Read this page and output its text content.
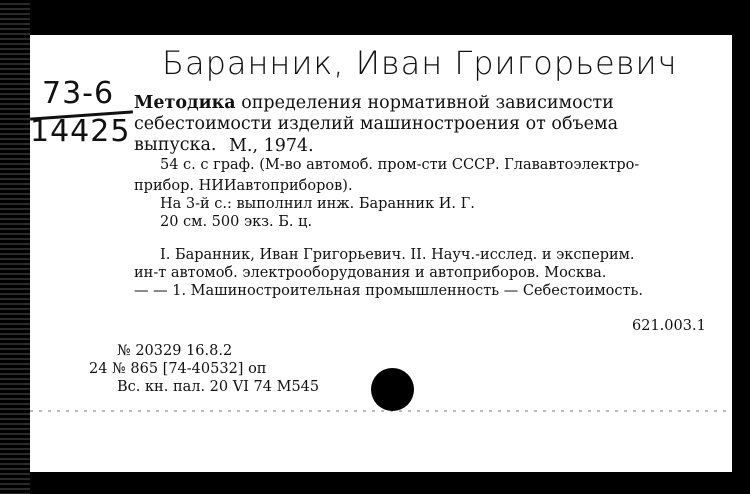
Баранник, Иван Григорьевич
73-6
14425
Методика определения нормативной зависимости себестоимости изделий машиностроения от объема выпуска. М., 1974.
54 с. с граф. (М-во автомоб. пром-сти СССР. Глававтоэлектро-
прибор. НИИавтоприборов).
На 3-й с.: выполнил инж. Баранник И. Г.
20 см. 500 экз. Б. ц.
I. Баранник, Иван Григорьевич. II. Науч.-исслед. и эксперим.
ин-т автомоб. электрооборудования и автоприборов. Москва.
— — 1. Машиностроительная промышленность — Себестоимость.
621.003.1
№ 20329 16.8.2
24 № 865 [74-40532] оп
Вс. кн. пал. 20 VI 74 М545
